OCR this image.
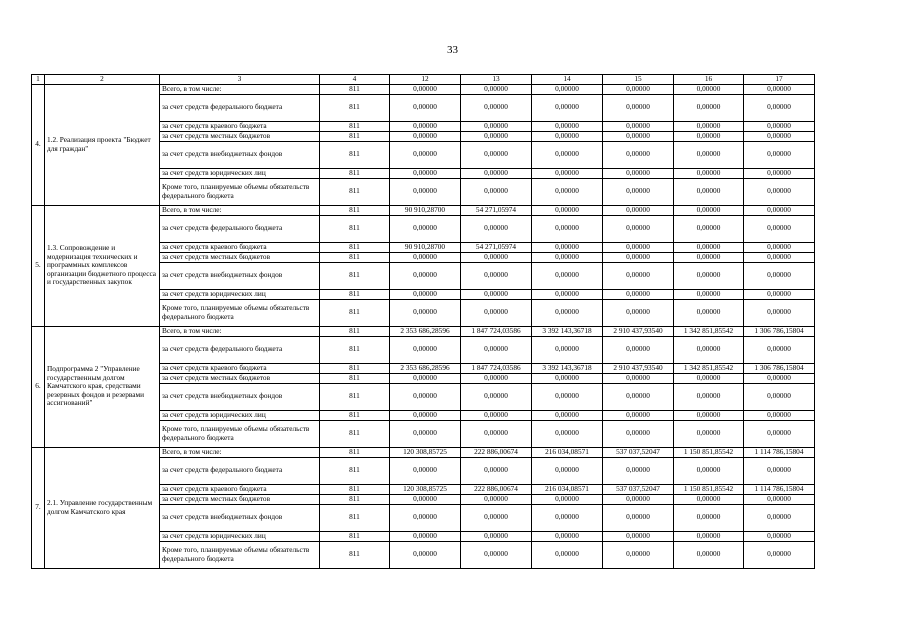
33
1	2	3	4	12	13	14	15	16	17
4.	1.2. Реализация проекта "Бюджет для граждан"	Всего, в том числе:	811	0,00000	0,00000	0,00000	0,00000	0,00000	0,00000
		за счет средств федерального бюджета	811	0,00000	0,00000	0,00000	0,00000	0,00000	0,00000
		за счет средств краевого бюджета	811	0,00000	0,00000	0,00000	0,00000	0,00000	0,00000
		за счет средств местных бюджетов	811	0,00000	0,00000	0,00000	0,00000	0,00000	0,00000
		за счет средств внебюджетных фондов	811	0,00000	0,00000	0,00000	0,00000	0,00000	0,00000
		за счет средств юридических лиц	811	0,00000	0,00000	0,00000	0,00000	0,00000	0,00000
		Кроме того, планируемые объемы обязательств федерального бюджета	811	0,00000	0,00000	0,00000	0,00000	0,00000	0,00000
5.	1.3. Сопровождение и модернизация технических и программных комплексов организации бюджетного процесса и государственных закупок	Всего, в том числе:	811	90 910,28700	54 271,05974	0,00000	0,00000	0,00000	0,00000
		за счет средств федерального бюджета	811	0,00000	0,00000	0,00000	0,00000	0,00000	0,00000
		за счет средств краевого бюджета	811	90 910,28700	54 271,05974	0,00000	0,00000	0,00000	0,00000
		за счет средств местных бюджетов	811	0,00000	0,00000	0,00000	0,00000	0,00000	0,00000
		за счет средств внебюджетных фондов	811	0,00000	0,00000	0,00000	0,00000	0,00000	0,00000
		за счет средств юридических лиц	811	0,00000	0,00000	0,00000	0,00000	0,00000	0,00000
		Кроме того, планируемые объемы обязательств федерального бюджета	811	0,00000	0,00000	0,00000	0,00000	0,00000	0,00000
6.	Подпрограмма 2 "Управление государственным долгом Камчатского края, средствами резервных фондов и резервами ассигнований"	Всего, в том числе:	811	2 353 686,28596	1 847 724,03586	3 392 143,36718	2 910 437,93540	1 342 851,85542	1 306 786,15804
		за счет средств федерального бюджета	811	0,00000	0,00000	0,00000	0,00000	0,00000	0,00000
		за счет средств краевого бюджета	811	2 353 686,28596	1 847 724,03586	3 392 143,36718	2 910 437,93540	1 342 851,85542	1 306 786,15804
		за счет средств местных бюджетов	811	0,00000	0,00000	0,00000	0,00000	0,00000	0,00000
		за счет средств внебюджетных фондов	811	0,00000	0,00000	0,00000	0,00000	0,00000	0,00000
		за счет средств юридических лиц	811	0,00000	0,00000	0,00000	0,00000	0,00000	0,00000
		Кроме того, планируемые объемы обязательств федерального бюджета	811	0,00000	0,00000	0,00000	0,00000	0,00000	0,00000
7.	2.1. Управление государственным долгом Камчатского края	Всего, в том числе:	811	120 308,85725	222 886,00674	216 034,08571	537 037,52047	1 150 851,85542	1 114 786,15804
		за счет средств федерального бюджета	811	0,00000	0,00000	0,00000	0,00000	0,00000	0,00000
		за счет средств краевого бюджета	811	120 308,85725	222 886,00674	216 034,08571	537 037,52047	1 150 851,85542	1 114 786,15804
		за счет средств местных бюджетов	811	0,00000	0,00000	0,00000	0,00000	0,00000	0,00000
		за счет средств внебюджетных фондов	811	0,00000	0,00000	0,00000	0,00000	0,00000	0,00000
		за счет средств юридических лиц	811	0,00000	0,00000	0,00000	0,00000	0,00000	0,00000
		Кроме того, планируемые объемы обязательств федерального бюджета	811	0,00000	0,00000	0,00000	0,00000	0,00000	0,00000
